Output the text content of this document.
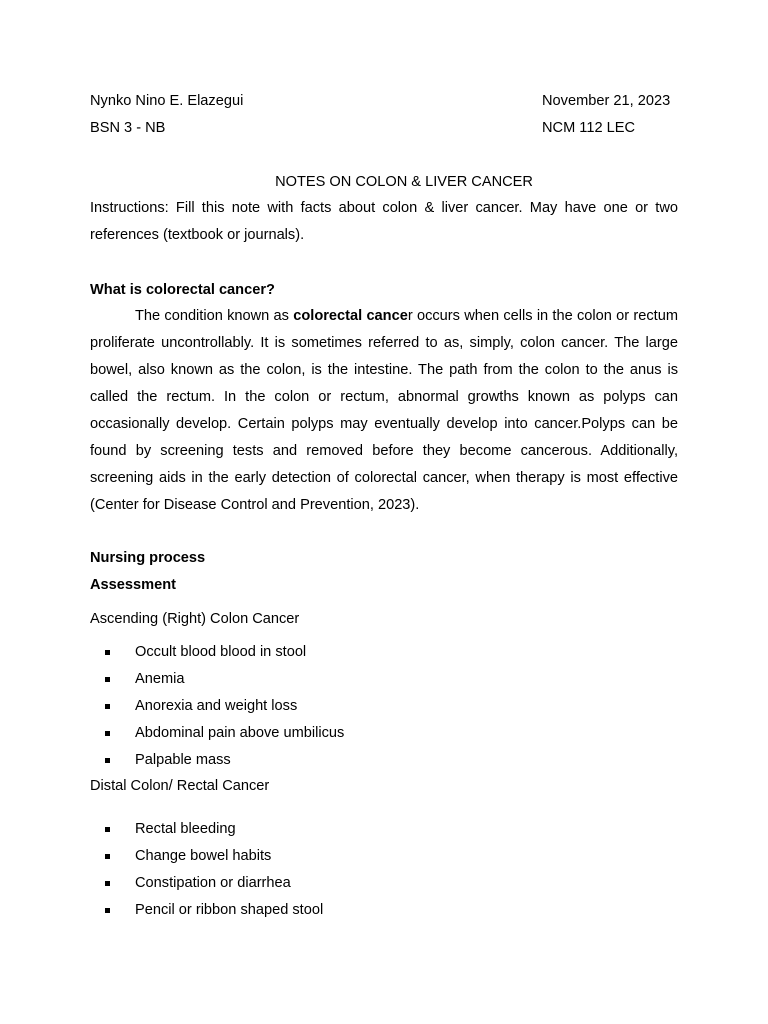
Nynko Nino E. Elazegui	November 21, 2023
BSN 3 - NB	NCM 112 LEC
NOTES ON COLON & LIVER CANCER
Instructions: Fill this note with facts about colon & liver cancer. May have one or two references (textbook or journals).
What is colorectal cancer?
The condition known as colorectal cancer occurs when cells in the colon or rectum proliferate uncontrollably. It is sometimes referred to as, simply, colon cancer. The large bowel, also known as the colon, is the intestine. The path from the colon to the anus is called the rectum. In the colon or rectum, abnormal growths known as polyps can occasionally develop. Certain polyps may eventually develop into cancer.Polyps can be found by screening tests and removed before they become cancerous. Additionally, screening aids in the early detection of colorectal cancer, when therapy is most effective (Center for Disease Control and Prevention, 2023).
Nursing process
Assessment
Ascending (Right) Colon Cancer
Occult blood blood in stool
Anemia
Anorexia and weight loss
Abdominal pain above umbilicus
Palpable mass
Distal Colon/ Rectal Cancer
Rectal bleeding
Change bowel habits
Constipation or diarrhea
Pencil or ribbon shaped stool
